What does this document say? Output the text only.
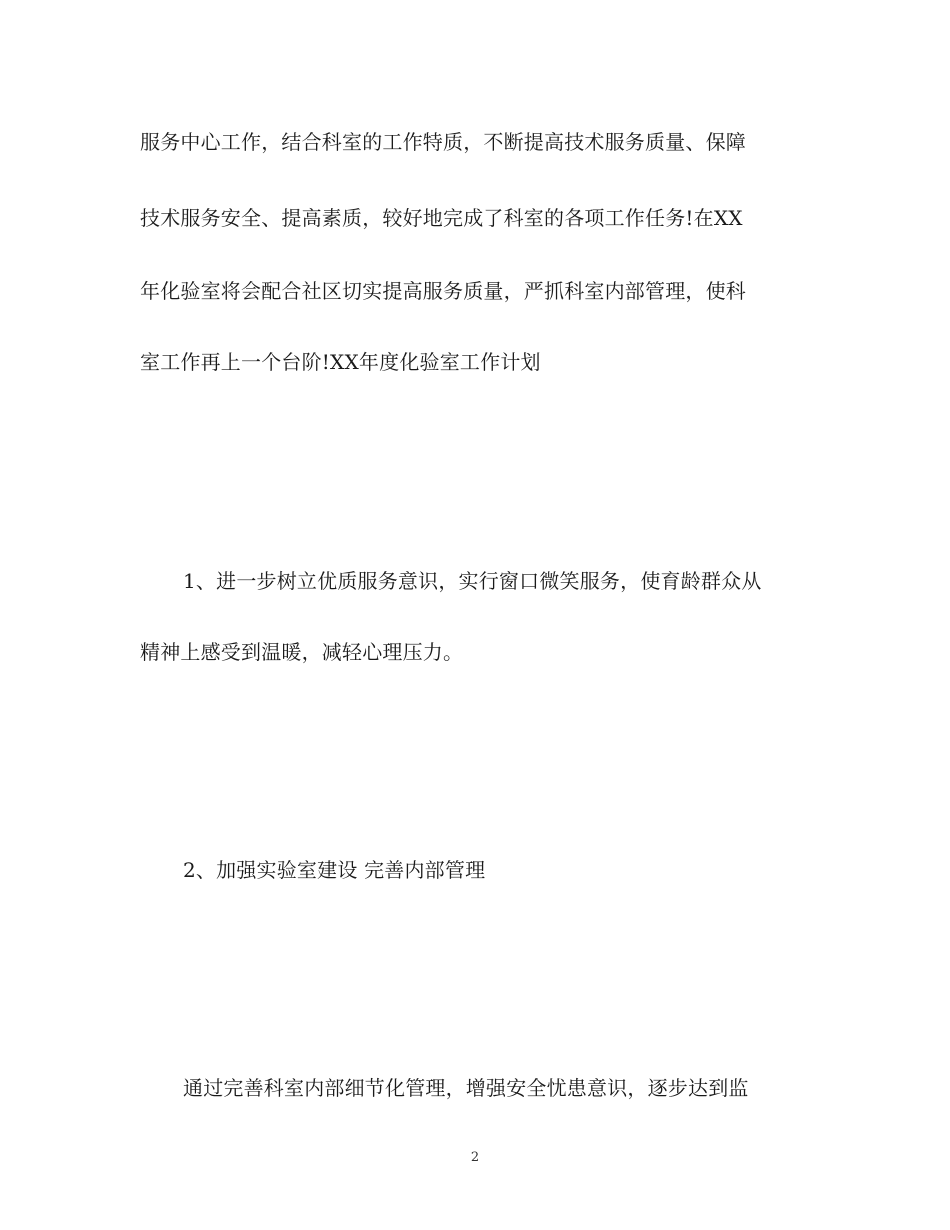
服务中心工作，结合科室的工作特质，不断提高技术服务质量、保障
技术服务安全、提高素质，较好地完成了科室的各项工作任务!在XX
年化验室将会配合社区切实提高服务质量，严抓科室内部管理，使科
室工作再上一个台阶!XX年度化验室工作计划
1、进一步树立优质服务意识，实行窗口微笑服务，使育龄群众从
精神上感受到温暖，减轻心理压力。
2、加强实验室建设 完善内部管理
通过完善科室内部细节化管理，增强安全忧患意识，逐步达到监
2
